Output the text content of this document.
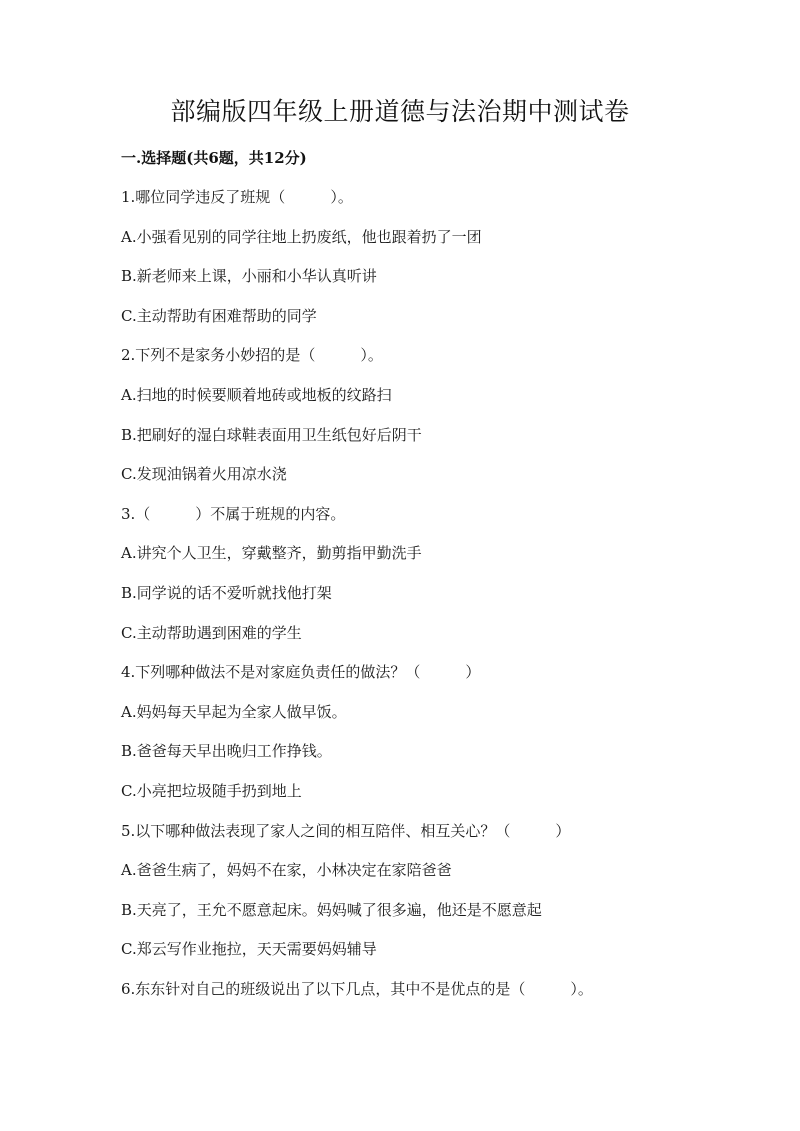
部编版四年级上册道德与法治期中测试卷
一.选择题(共6题，共12分)
1.哪位同学违反了班规（　　　）。
A.小强看见别的同学往地上扔废纸，他也跟着扔了一团
B.新老师来上课，小丽和小华认真听讲
C.主动帮助有困难帮助的同学
2.下列不是家务小妙招的是（　　　）。
A.扫地的时候要顺着地砖或地板的纹路扫
B.把刷好的湿白球鞋表面用卫生纸包好后阴干
C.发现油锅着火用凉水浇
3.（　　　）不属于班规的内容。
A.讲究个人卫生，穿戴整齐，勤剪指甲勤洗手
B.同学说的话不爱听就找他打架
C.主动帮助遇到困难的学生
4.下列哪种做法不是对家庭负责任的做法？（　　　）
A.妈妈每天早起为全家人做早饭。
B.爸爸每天早出晚归工作挣钱。
C.小亮把垃圾随手扔到地上
5.以下哪种做法表现了家人之间的相互陪伴、相互关心？（　　　）
A.爸爸生病了，妈妈不在家，小林决定在家陪爸爸
B.天亮了，王允不愿意起床。妈妈喊了很多遍，他还是不愿意起
C.郑云写作业拖拉，天天需要妈妈辅导
6.东东针对自己的班级说出了以下几点，其中不是优点的是（　　　）。
